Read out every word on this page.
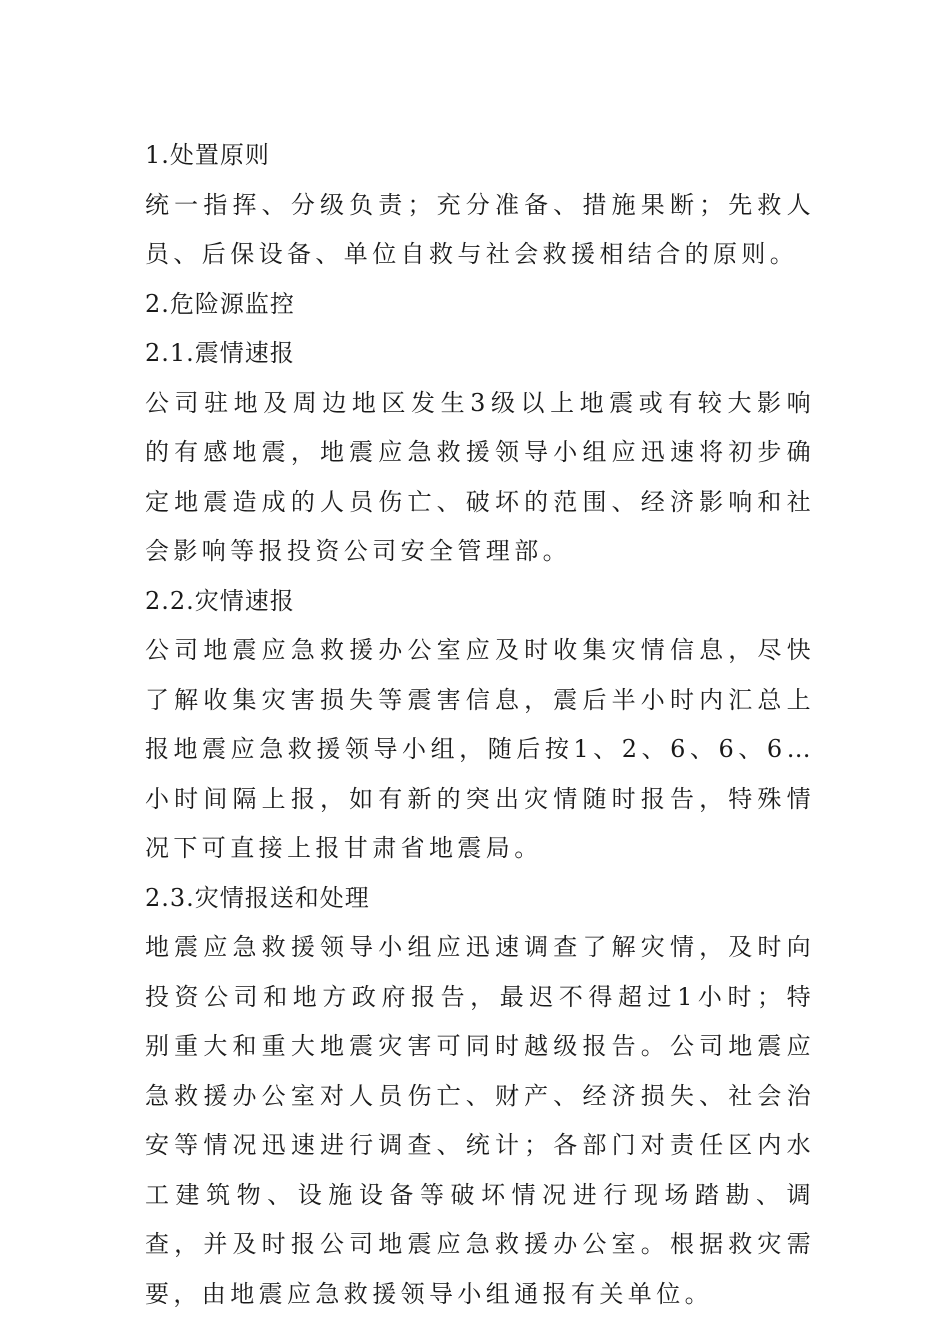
1.处置原则

统一指挥、分级负责；充分准备、措施果断；先救人员、后保设备、单位自救与社会救援相结合的原则。

2.危险源监控

2.1.震情速报

公司驻地及周边地区发生3级以上地震或有较大影响的有感地震，地震应急救援领导小组应迅速将初步确定地震造成的人员伤亡、破坏的范围、经济影响和社会影响等报投资公司安全管理部。

2.2.灾情速报

公司地震应急救援办公室应及时收集灾情信息，尽快了解收集灾害损失等震害信息，震后半小时内汇总上报地震应急救援领导小组，随后按1、2、6、6、6…小时间隔上报，如有新的突出灾情随时报告，特殊情况下可直接上报甘肃省地震局。

2.3.灾情报送和处理

地震应急救援领导小组应迅速调查了解灾情，及时向投资公司和地方政府报告，最迟不得超过1小时；特别重大和重大地震灾害可同时越级报告。公司地震应急救援办公室对人员伤亡、财产、经济损失、社会治安等情况迅速进行调查、统计；各部门对责任区内水工建筑物、设施设备等破坏情况进行现场踏勘、调查，并及时报公司地震应急救援办公室。根据救灾需要，由地震应急救援领导小组通报有关单位。
